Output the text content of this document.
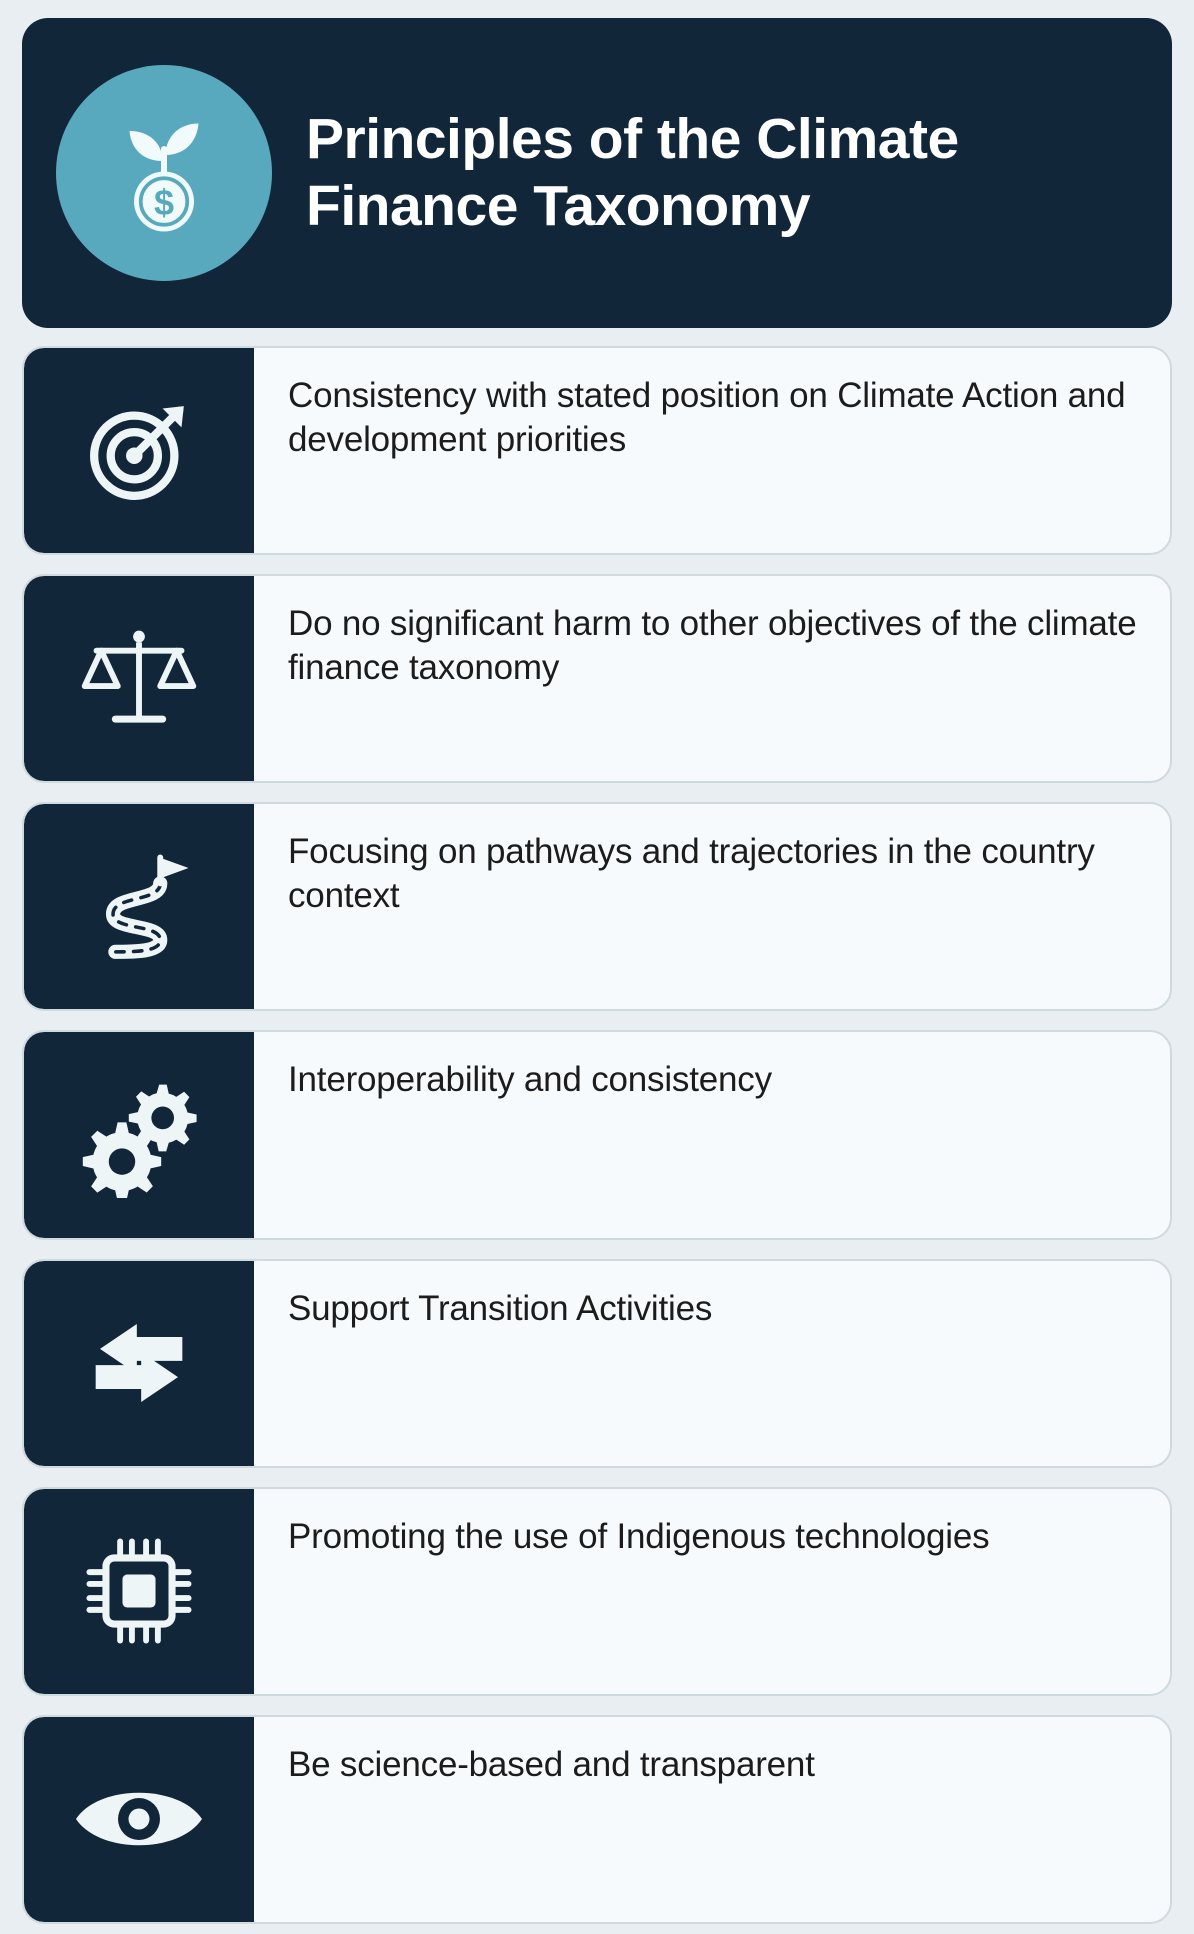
$
Principles of the Climate Finance Taxonomy
Consistency with stated position on Climate Action and development priorities
Do no significant harm to other objectives of the climate finance taxonomy
Focusing on pathways and trajectories in the country context
Interoperability and consistency
Support Transition Activities
Promoting the use of Indigenous technologies
Be science-based and transparent
